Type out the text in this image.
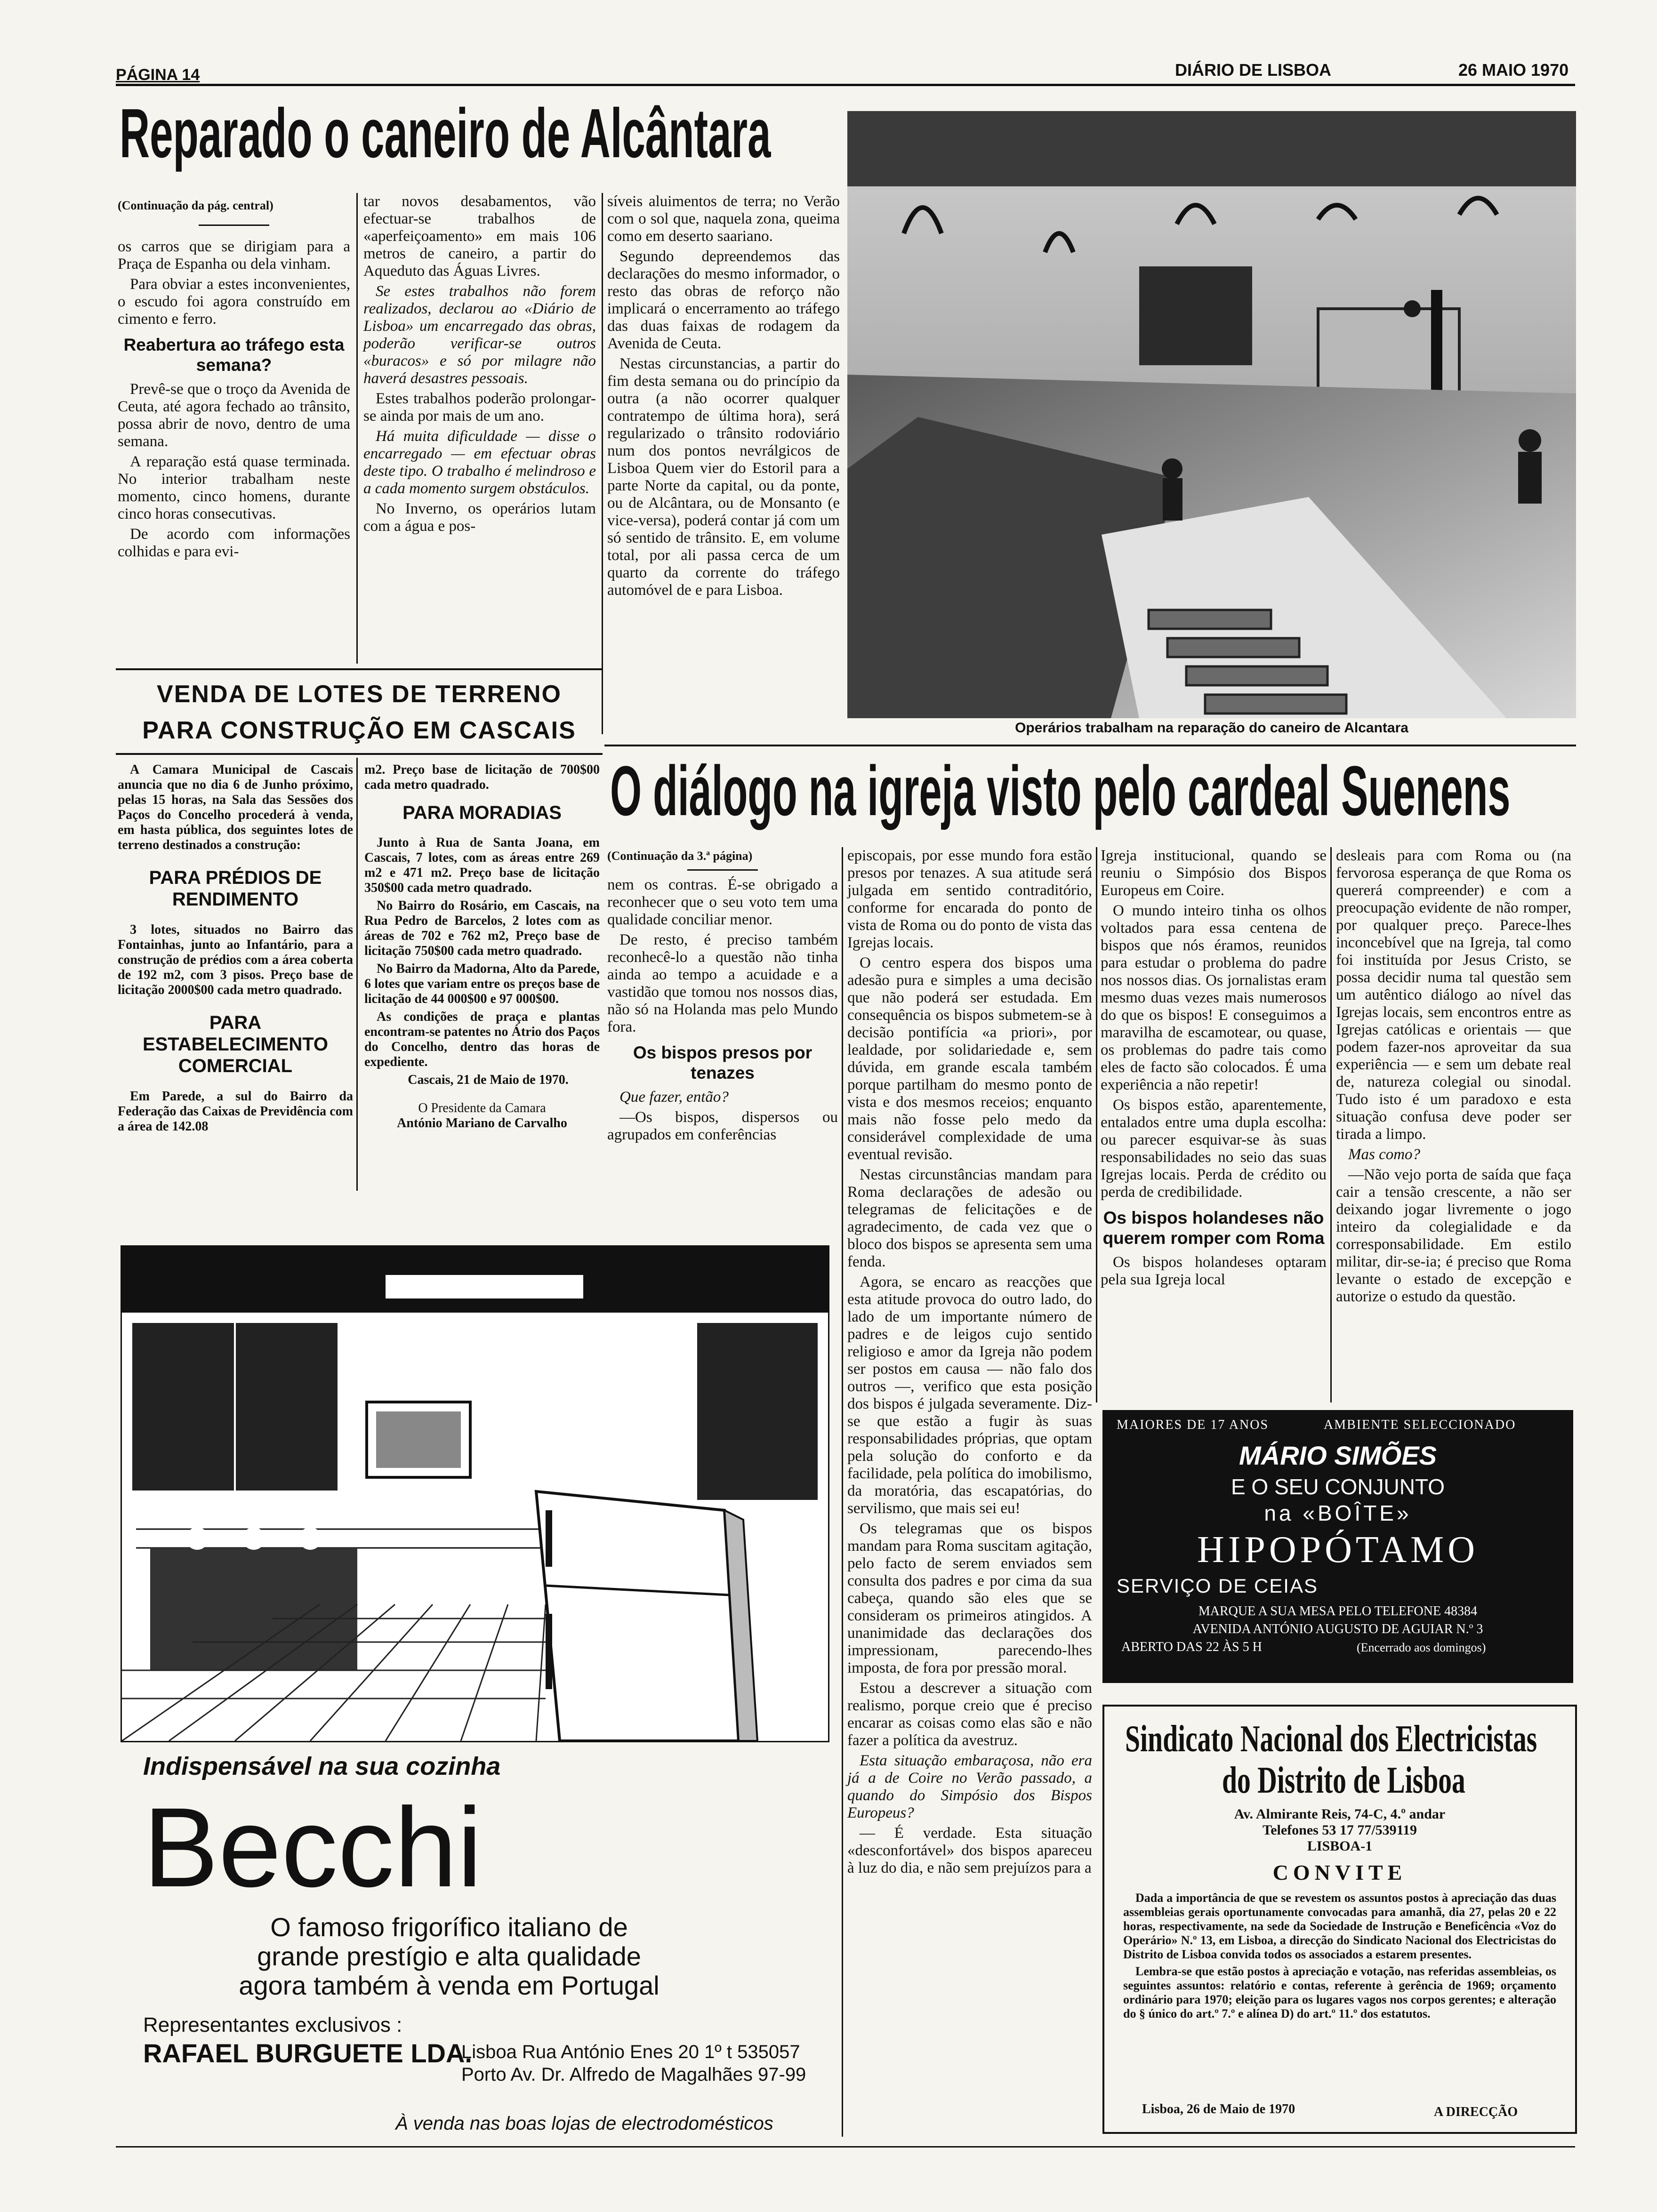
PÁGINA 14	DIÁRIO DE LISBOA	26 MAIO 1970
Reparado o caneiro de Alcântara

(Continuação da pág. central)

os carros que se dirigiam para a Praça de Espanha ou dela vinham.

Para obviar a estes inconvenientes, o escudo foi agora construído em cimento e ferro.

Reabertura ao tráfego esta semana?

Prevê-se que o troço da Avenida de Ceuta, até agora fechado ao trânsito, possa abrir de novo, dentro de uma semana.

A reparação está quase terminada. No interior trabalham neste momento, cinco homens, durante cinco horas consecutivas.

De acordo com informações colhidas e para evi-

tar novos desabamentos, vão efectuar-se trabalhos de «aperfeiçoamento» em mais 106 metros de caneiro, a partir do Aqueduto das Águas Livres.

Se estes trabalhos não forem realizados, declarou ao «Diário de Lisboa» um encarregado das obras, poderão verificar-se outros «buracos» e só por milagre não haverá desastres pessoais.

Estes trabalhos poderão prolongar-se ainda por mais de um ano.

Há muita dificuldade — disse o encarregado — em efectuar obras deste tipo. O trabalho é melindroso e a cada momento surgem obstáculos.

No Inverno, os operários lutam com a água e pos-

síveis aluimentos de terra; no Verão com o sol que, naquela zona, queima como em deserto saariano.

Segundo depreendemos das declarações do mesmo informador, o resto das obras de reforço não implicará o encerramento ao tráfego das duas faixas de rodagem da Avenida de Ceuta.

Nestas circunstancias, a partir do fim desta semana ou do princípio da outra (a não ocorrer qualquer contratempo de última hora), será regularizado o trânsito rodoviário num dos pontos nevrálgicos de Lisboa Quem vier do Estoril para a parte Norte da capital, ou da ponte, ou de Alcântara, ou de Monsanto (e vice-versa), poderá contar já com um só sentido de trânsito. E, em volume total, por ali passa cerca de um quarto da corrente do tráfego automóvel de e para Lisboa.

Operários trabalham na reparação do caneiro de Alcantara
VENDA DE LOTES DE TERRENO
PARA CONSTRUÇÃO EM CASCAIS

A Camara Municipal de Cascais anuncia que no dia 6 de Junho próximo, pelas 15 horas, na Sala das Sessões dos Paços do Concelho procederá à venda, em hasta pública, dos seguintes lotes de terreno destinados a construção:

PARA PRÉDIOS DE RENDIMENTO

3 lotes, situados no Bairro das Fontainhas, junto ao Infantário, para a construção de prédios com a área coberta de 192 m2, com 3 pisos. Preço base de licitação 2000$00 cada metro quadrado.

PARA ESTABELECIMENTO COMERCIAL

Em Parede, a sul do Bairro da Federação das Caixas de Previdência com a área de 142.08

m2. Preço base de licitação de 700$00 cada metro quadrado.

PARA MORADIAS

Junto à Rua de Santa Joana, em Cascais, 7 lotes, com as áreas entre 269 m2 e 471 m2. Preço base de licitação 350$00 cada metro quadrado.

No Bairro do Rosário, em Cascais, na Rua Pedro de Barcelos, 2 lotes com as áreas de 702 e 762 m2, Preço base de licitação 750$00 cada metro quadrado.

No Bairro da Madorna, Alto da Parede, 6 lotes que variam entre os preços base de licitação de 44 000$00 e 97 000$00.

As condições de praça e plantas encontram-se patentes no Átrio dos Paços do Concelho, dentro das horas de expediente.

Cascais, 21 de Maio de 1970.

O Presidente da Camara
António Mariano de Carvalho
O diálogo na igreja visto pelo cardeal Suenens

(Continuação da 3.ª página)

nem os contras. É-se obrigado a reconhecer que o seu voto tem uma qualidade conciliar menor.

De resto, é preciso também reconhecê-lo a questão não tinha ainda ao tempo a acuidade e a vastidão que tomou nos nossos dias, não só na Holanda mas pelo Mundo fora.

Os bispos presos por tenazes

Que fazer, então?

—Os bispos, dispersos ou agrupados em conferências

episcopais, por esse mundo fora estão presos por tenazes. A sua atitude será julgada em sentido contraditório, conforme for encarada do ponto de vista de Roma ou do ponto de vista das Igrejas locais.

O centro espera dos bispos uma adesão pura e simples a uma decisão que não poderá ser estudada. Em consequência os bispos submetem-se à decisão pontifícia «a priori», por lealdade, por solidariedade e, sem dúvida, em grande escala também porque partilham do mesmo ponto de vista e dos mesmos receios; enquanto mais não fosse pelo medo da considerável complexidade de uma eventual revisão.

Nestas circunstâncias mandam para Roma declarações de adesão ou telegramas de felicitações e de agradecimento, de cada vez que o bloco dos bispos se apresenta sem uma fenda.

Agora, se encaro as reacções que esta atitude provoca do outro lado, do lado de um importante número de padres e de leigos cujo sentido religioso e amor da Igreja não podem ser postos em causa — não falo dos outros —, verifico que esta posição dos bispos é julgada severamente. Diz-se que estão a fugir às suas responsabilidades próprias, que optam pela solução do conforto e da facilidade, pela política do imobilismo, da moratória, das escapatórias, do servilismo, que mais sei eu!

Os telegramas que os bispos mandam para Roma suscitam agitação, pelo facto de serem enviados sem consulta dos padres e por cima da sua cabeça, quando são eles que se consideram os primeiros atingidos. A unanimidade das declarações dos impressionam, parecendo-lhes imposta, de fora por pressão moral.

Estou a descrever a situação com realismo, porque creio que é preciso encarar as coisas como elas são e não fazer a política da avestruz.

Esta situação embaraçosa, não era já a de Coire no Verão passado, a quando do Simpósio dos Bispos Europeus?

— É verdade. Esta situação «desconfortável» dos bispos apareceu à luz do dia, e não sem prejuízos para a

Igreja institucional, quando se reuniu o Simpósio dos Bispos Europeus em Coire.

O mundo inteiro tinha os olhos voltados para essa centena de bispos que nós éramos, reunidos para estudar o problema do padre nos nossos dias. Os jornalistas eram mesmo duas vezes mais numerosos do que os bispos! E conseguimos a maravilha de escamotear, ou quase, os problemas do padre tais como eles de facto são colocados. É uma experiência a não repetir!

Os bispos estão, aparentemente, entalados entre uma dupla escolha: ou parecer esquivar-se às suas responsabilidades no seio das suas Igrejas locais. Perda de crédito ou perda de credibilidade.

Os bispos holandeses não querem romper com Roma

Os bispos holandeses optaram pela sua Igreja local

desleais para com Roma ou (na fervorosa esperança de que Roma os quererá compreender) e com a preocupação evidente de não romper, por qualquer preço. Parece-lhes inconcebível que na Igreja, tal como foi instituída por Jesus Cristo, se possa decidir numa tal questão sem um autêntico diálogo ao nível das Igrejas locais, sem encontros entre as Igrejas católicas e orientais — que podem fazer-nos aproveitar da sua experiência — e sem um debate real de, natureza colegial ou sinodal. Tudo isto é um paradoxo e esta situação confusa deve poder ser tirada a limpo.

Mas como?

—Não vejo porta de saída que faça cair a tensão crescente, a não ser deixando jogar livremente o jogo inteiro da colegialidade e da corresponsabilidade. Em estilo militar, dir-se-ia; é preciso que Roma levante o estado de excepção e autorize o estudo da questão.

Indispensável na sua cozinha
Becchi
O famoso frigorífico italiano de
grande prestígio e alta qualidade
agora também à venda em Portugal
Representantes exclusivos :
RAFAEL BURGUETE LDA.
Lisboa Rua António Enes 20 1º t 535057
Porto Av. Dr. Alfredo de Magalhães 97-99
À venda nas boas lojas de electrodomésticos
MAIORES DE 17 ANOS	AMBIENTE SELECCIONADO
MÁRIO SIMÕES
E O SEU CONJUNTO
na «BOÎTE»
HIPOPÓTAMO
SERVIÇO DE CEIAS
MARQUE A SUA MESA PELO TELEFONE 48384
AVENIDA ANTÓNIO AUGUSTO DE AGUIAR N.º 3
ABERTO DAS 22 ÀS 5 H	(Encerrado aos domingos)
Sindicato Nacional dos Electricistas
do Distrito de Lisboa
Av. Almirante Reis, 74-C, 4.º andar
Telefones 53 17 77/539119
LISBOA-1
CONVITE

Dada a importância de que se revestem os assuntos postos à apreciação das duas assembleias gerais oportunamente convocadas para amanhã, dia 27, pelas 20 e 22 horas, respectivamente, na sede da Sociedade de Instrução e Beneficência «Voz do Operário» N.º 13, em Lisboa, a direcção do Sindicato Nacional dos Electricistas do Distrito de Lisboa convida todos os associados a estarem presentes.

Lembra-se que estão postos à apreciação e votação, nas referidas assembleias, os seguintes assuntos: relatório e contas, referente à gerência de 1969; orçamento ordinário para 1970; eleição para os lugares vagos nos corpos gerentes; e alteração do § único do art.º 7.º e alínea D) do art.º 11.º dos estatutos.

Lisboa, 26 de Maio de 1970	A DIRECÇÃO
